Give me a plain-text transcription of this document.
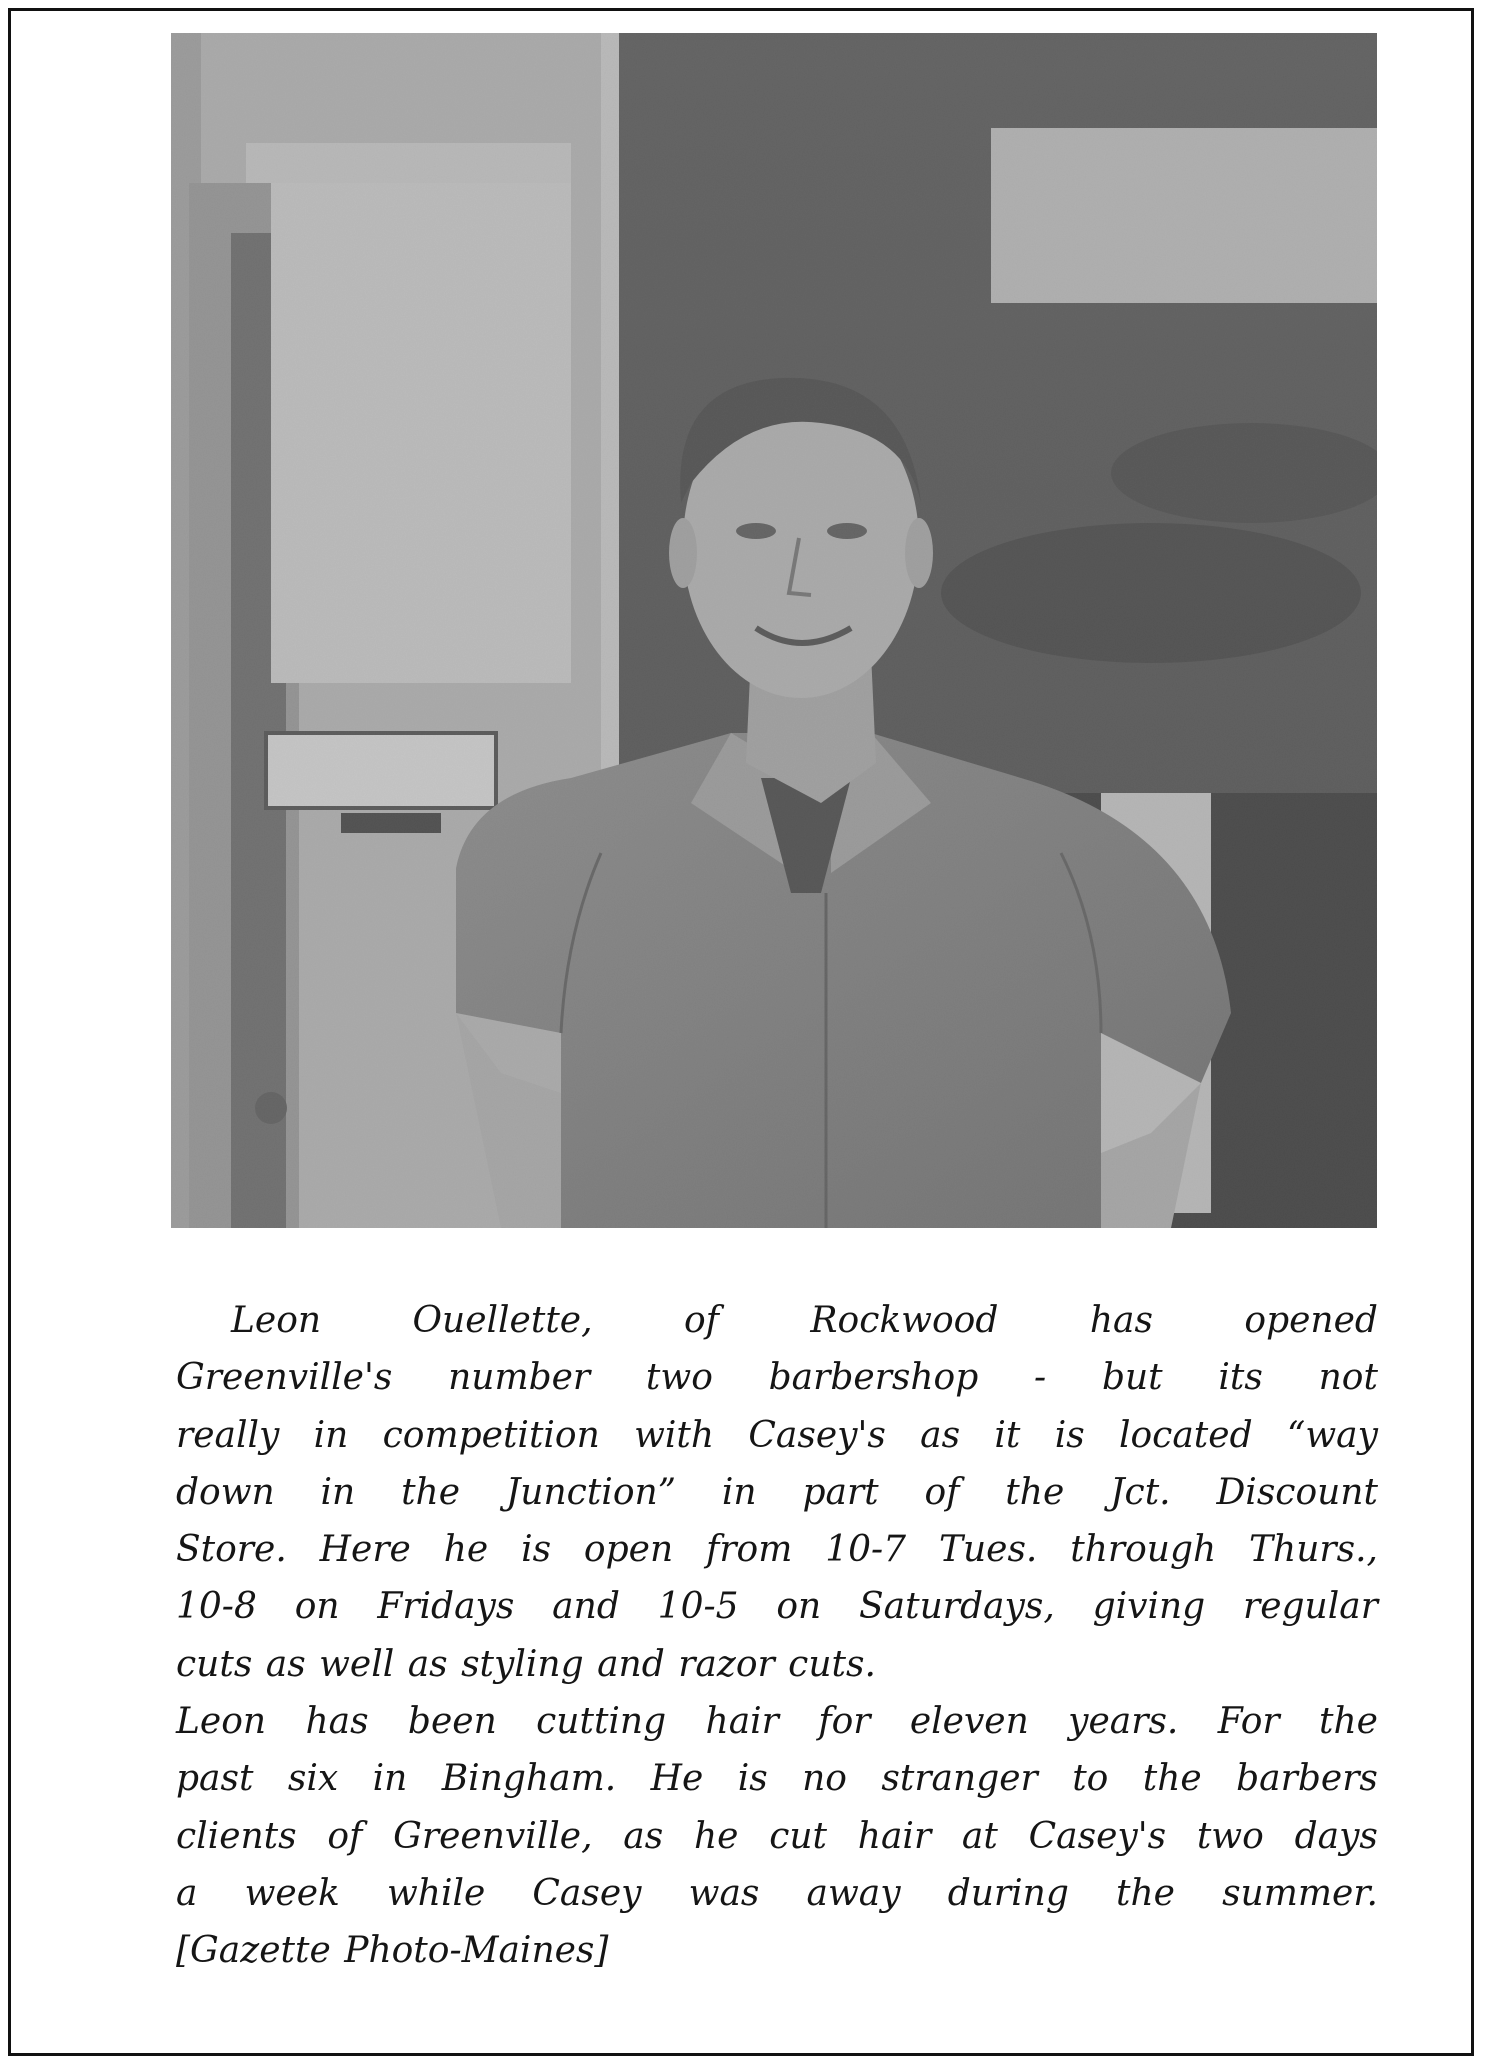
Leon	Ouellette,	of	Rockwood	has	opened
Greenville's number two barbershop - but its not
really in competition with Casey's as it is located “way
down in the Junction” in part of the Jct. Discount
Store. Here he is open from 10-7 Tues. through Thurs.,
10-8 on Fridays and 10-5 on Saturdays, giving regular
cuts as well as styling and razor cuts.
Leon has been cutting hair for eleven years. For the
past six in Bingham. He is no stranger to the barbers
clients of Greenville, as he cut hair at Casey's two days
a week while Casey was away during the summer.
[Gazette Photo-Maines]
